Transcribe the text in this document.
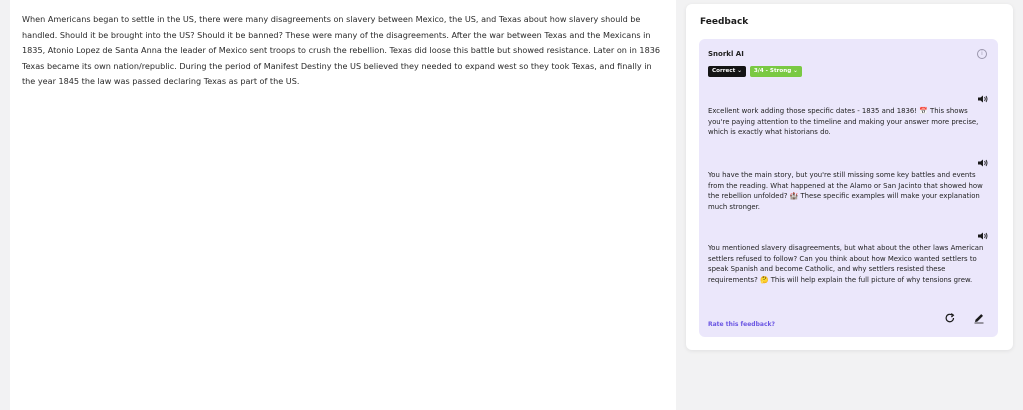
When Americans began to settle in the US, there were many disagreements on slavery between Mexico, the US, and Texas about how slavery should be handled. Should it be brought into the US? Should it be banned? These were many of the disagreements. After the war between Texas and the Mexicans in 1835, Atonio Lopez de Santa Anna the leader of Mexico sent troops to crush the rebellion. Texas did loose this battle but showed resistance. Later on in 1836 Texas became its own nation/republic. During the period of Manifest Destiny the US believed they needed to expand west so they took Texas, and finally in the year 1845 the law was passed declaring Texas as part of the US.
Feedback
Snorkl AI	i
Correct ⌄	3/4 - Strong ⌄
Excellent work adding those specific dates - 1835 and 1836! 📅 This shows you're paying attention to the timeline and making your answer more precise, which is exactly what historians do.
You have the main story, but you're still missing some key battles and events from the reading. What happened at the Alamo or San Jacinto that showed how the rebellion unfolded? 🏰 These specific examples will make your explanation much stronger.
You mentioned slavery disagreements, but what about the other laws American settlers refused to follow? Can you think about how Mexico wanted settlers to speak Spanish and become Catholic, and why settlers resisted these requirements? 🤔 This will help explain the full picture of why tensions grew.
Rate this feedback?
